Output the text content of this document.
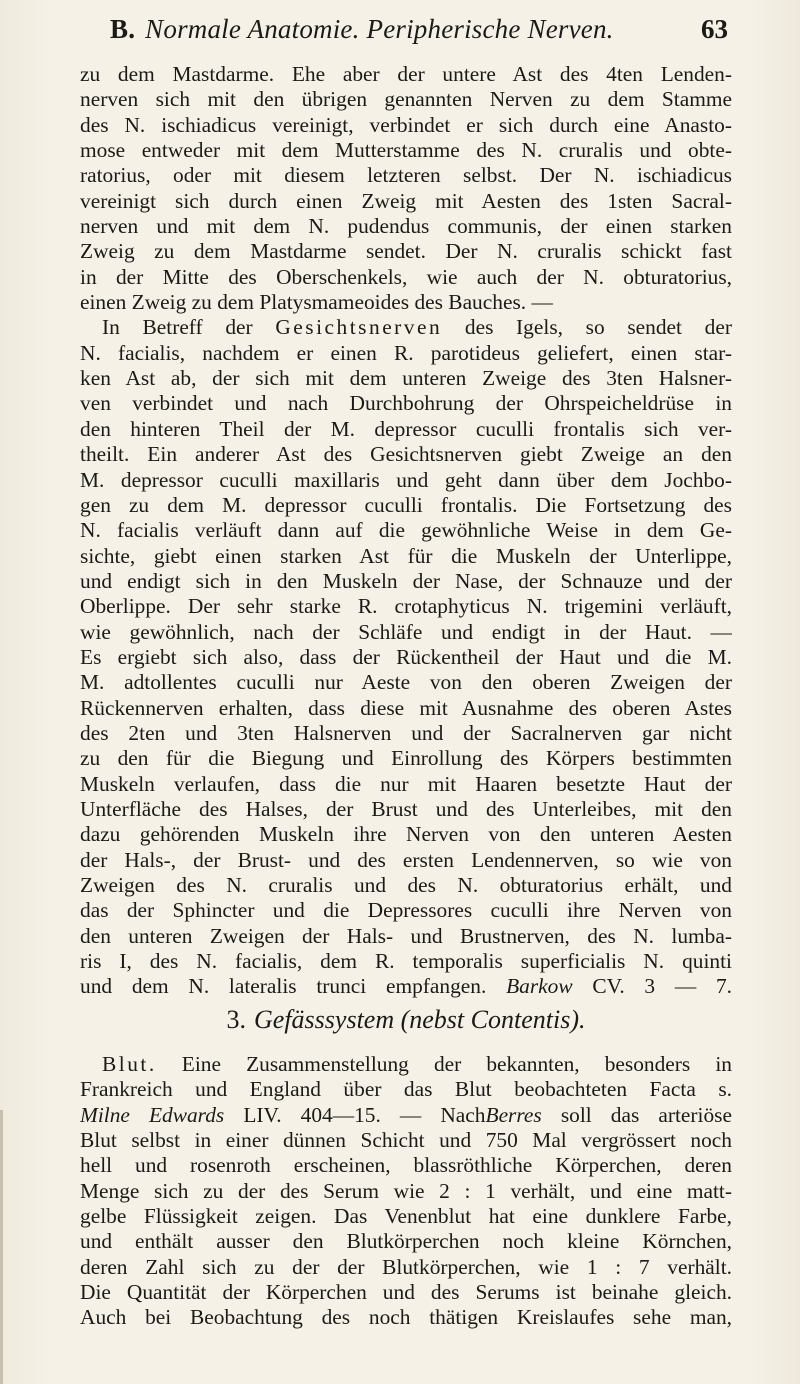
B. Normale Anatomie. Peripherische Nerven.	63
zu dem Mastdarme. Ehe aber der untere Ast des 4ten Lenden-
nerven sich mit den übrigen genannten Nerven zu dem Stamme
des N. ischiadicus vereinigt, verbindet er sich durch eine Anasto-
mose entweder mit dem Mutterstamme des N. cruralis und obte-
ratorius, oder mit diesem letzteren selbst. Der N. ischiadicus
vereinigt sich durch einen Zweig mit Aesten des 1sten Sacral-
nerven und mit dem N. pudendus communis, der einen starken
Zweig zu dem Mastdarme sendet. Der N. cruralis schickt fast
in der Mitte des Oberschenkels, wie auch der N. obturatorius,
einen Zweig zu dem Platysmameoides des Bauches. —
In Betreff der Gesichtsnerven des Igels, so sendet der
N. facialis, nachdem er einen R. parotideus geliefert, einen star-
ken Ast ab, der sich mit dem unteren Zweige des 3ten Halsner-
ven verbindet und nach Durchbohrung der Ohrspeicheldrüse in
den hinteren Theil der M. depressor cuculli frontalis sich ver-
theilt. Ein anderer Ast des Gesichtsnerven giebt Zweige an den
M. depressor cuculli maxillaris und geht dann über dem Jochbo-
gen zu dem M. depressor cuculli frontalis. Die Fortsetzung des
N. facialis verläuft dann auf die gewöhnliche Weise in dem Ge-
sichte, giebt einen starken Ast für die Muskeln der Unterlippe,
und endigt sich in den Muskeln der Nase, der Schnauze und der
Oberlippe. Der sehr starke R. crotaphyticus N. trigemini verläuft,
wie gewöhnlich, nach der Schläfe und endigt in der Haut. —
Es ergiebt sich also, dass der Rückentheil der Haut und die M.
M. adtollentes cuculli nur Aeste von den oberen Zweigen der
Rückennerven erhalten, dass diese mit Ausnahme des oberen Astes
des 2ten und 3ten Halsnerven und der Sacralnerven gar nicht
zu den für die Biegung und Einrollung des Körpers bestimmten
Muskeln verlaufen, dass die nur mit Haaren besetzte Haut der
Unterfläche des Halses, der Brust und des Unterleibes, mit den
dazu gehörenden Muskeln ihre Nerven von den unteren Aesten
der Hals-, der Brust- und des ersten Lendennerven, so wie von
Zweigen des N. cruralis und des N. obturatorius erhält, und
das der Sphincter und die Depressores cuculli ihre Nerven von
den unteren Zweigen der Hals- und Brustnerven, des N. lumba-
ris I, des N. facialis, dem R. temporalis superficialis N. quinti
und dem N. lateralis trunci empfangen. Barkow CV. 3 — 7.
3. Gefässsystem (nebst Contentis).
Blut. Eine Zusammenstellung der bekannten, besonders in
Frankreich und England über das Blut beobachteten Facta s.
Milne Edwards LIV. 404—15. — NachBerres soll das arteriöse
Blut selbst in einer dünnen Schicht und 750 Mal vergrössert noch
hell und rosenroth erscheinen, blassröthliche Körperchen, deren
Menge sich zu der des Serum wie 2 : 1 verhält, und eine matt-
gelbe Flüssigkeit zeigen. Das Venenblut hat eine dunklere Farbe,
und enthält ausser den Blutkörperchen noch kleine Körnchen,
deren Zahl sich zu der der Blutkörperchen, wie 1 : 7 verhält.
Die Quantität der Körperchen und des Serums ist beinahe gleich.
Auch bei Beobachtung des noch thätigen Kreislaufes sehe man,
